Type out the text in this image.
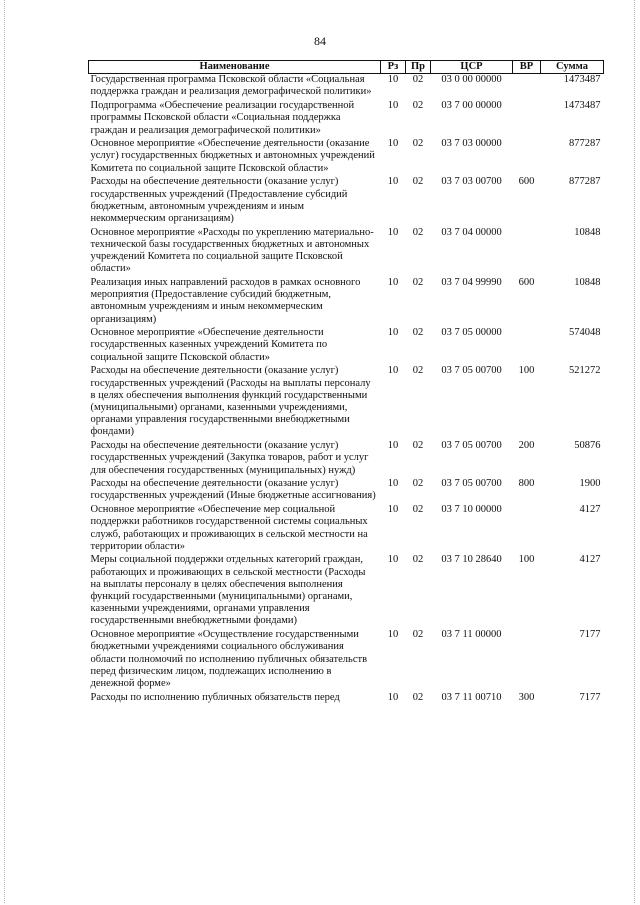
84
Наименование	Рз	Пр	ЦСР	ВР	Сумма
Государственная программа Псковской области «Социальная поддержка граждан и реализация демографической политики»	10	02	03 0 00 00000		1473487
Подпрограмма «Обеспечение реализации государственной программы Псковской области «Социальная поддержка граждан и реализация демографической политики»	10	02	03 7 00 00000		1473487
Основное мероприятие «Обеспечение деятельности (оказание услуг) государственных бюджетных и автономных учреждений Комитета по социальной защите Псковской области»	10	02	03 7 03 00000		877287
Расходы на обеспечение деятельности (оказание услуг) государственных учреждений (Предоставление субсидий бюджетным, автономным учреждениям и иным некоммерческим организациям)	10	02	03 7 03 00700	600	877287
Основное мероприятие «Расходы по укреплению материально-технической базы государственных бюджетных и автономных учреждений Комитета по социальной защите Псковской области»	10	02	03 7 04 00000		10848
Реализация иных направлений расходов в рамках основного мероприятия (Предоставление субсидий бюджетным, автономным учреждениям и иным некоммерческим организациям)	10	02	03 7 04 99990	600	10848
Основное мероприятие «Обеспечение деятельности государственных казенных учреждений Комитета по социальной защите Псковской области»	10	02	03 7 05 00000		574048
Расходы на обеспечение деятельности (оказание услуг) государственных учреждений (Расходы на выплаты персоналу в целях обеспечения выполнения функций государственными (муниципальными) органами, казенными учреждениями, органами управления государственными внебюджетными фондами)	10	02	03 7 05 00700	100	521272
Расходы на обеспечение деятельности (оказание услуг) государственных учреждений (Закупка товаров, работ и услуг для обеспечения государственных (муниципальных) нужд)	10	02	03 7 05 00700	200	50876
Расходы на обеспечение деятельности (оказание услуг) государственных учреждений (Иные бюджетные ассигнования)	10	02	03 7 05 00700	800	1900
Основное мероприятие «Обеспечение мер социальной поддержки работников государственной системы социальных служб, работающих и проживающих в сельской местности на территории области»	10	02	03 7 10 00000		4127
Меры социальной поддержки отдельных категорий граждан, работающих и проживающих в сельской местности (Расходы на выплаты персоналу в целях обеспечения выполнения функций государственными (муниципальными) органами, казенными учреждениями, органами управления государственными внебюджетными фондами)	10	02	03 7 10 28640	100	4127
Основное мероприятие «Осуществление государственными бюджетными учреждениями социального обслуживания области полномочий по исполнению публичных обязательств перед физическим лицом, подлежащих исполнению в денежной форме»	10	02	03 7 11 00000		7177
Расходы по исполнению публичных обязательств перед	10	02	03 7 11 00710	300	7177
